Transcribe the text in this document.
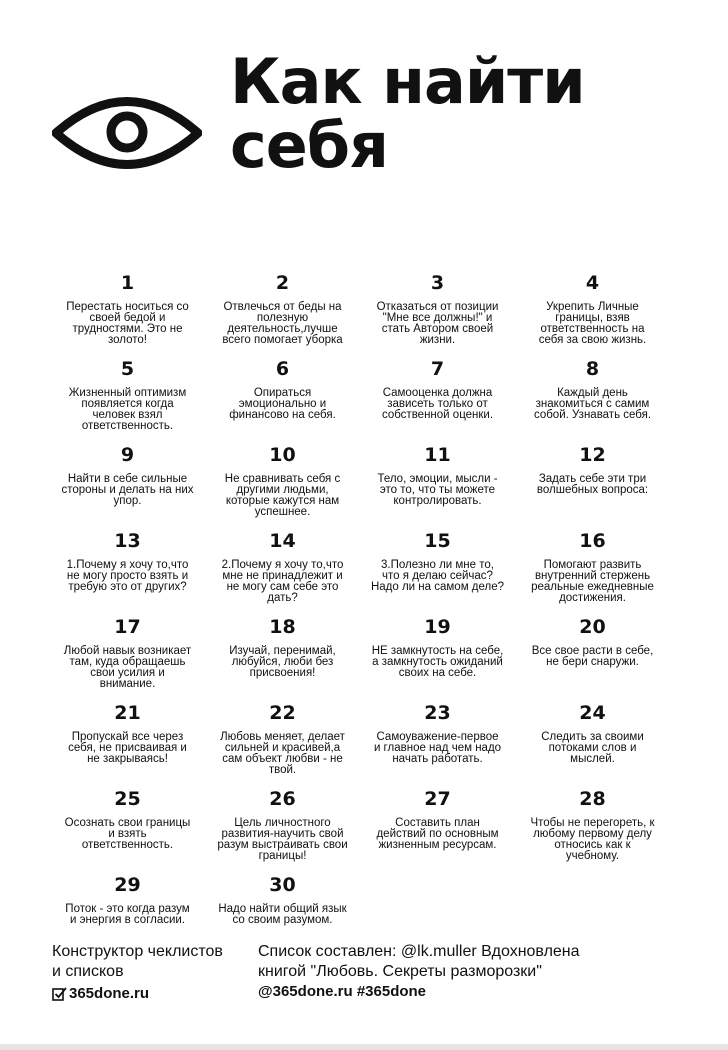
Как найти
себя
1
Перестать носиться со
своей бедой и
трудностями. Это не
золото!
2
Отвлечься от беды на
полезную
деятельность,лучше
всего помогает уборка
3
Отказаться от позиции
"Мне все должны!" и
стать Автором своей
жизни.
4
Укрепить Личные
границы, взяв
ответственность на
себя за свою жизнь.
5
Жизненный оптимизм
появляется когда
человек взял
ответственность.
6
Опираться
эмоционально и
финансово на себя.
7
Самооценка должна
зависеть только от
собственной оценки.
8
Каждый день
знакомиться с самим
собой. Узнавать себя.
9
Найти в себе сильные
стороны и делать на них
упор.
10
Не сравнивать себя с
другими людьми,
которые кажутся нам
успешнее.
11
Тело, эмоции, мысли -
это то, что ты можете
контролировать.
12
Задать себе эти три
волшебных вопроса:
13
1.Почему я хочу то,что
не могу просто взять и
требую это от других?
14
2.Почему я хочу то,что
мне не принадлежит и
не могу сам себе это
дать?
15
3.Полезно ли мне то,
что я делаю сейчас?
Надо ли на самом деле?
16
Помогают развить
внутренний стержень
реальные ежедневные
достижения.
17
Любой навык возникает
там, куда обращаешь
свои усилия и
внимание.
18
Изучай, перенимай,
любуйся, люби без
присвоения!
19
НЕ замкнутость на себе,
а замкнутость ожиданий
своих на себе.
20
Все свое расти в себе,
не бери снаружи.
21
Пропускай все через
себя, не присваивая и
не закрываясь!
22
Любовь меняет, делает
сильней и красивей,а
сам объект любви - не
твой.
23
Самоуважение-первое
и главное над чем надо
начать работать.
24
Следить за своими
потоками слов и
мыслей.
25
Осознать свои границы
и взять
ответственность.
26
Цель личностного
развития-научить свой
разум выстраивать свои
границы!
27
Составить план
действий по основным
жизненным ресурсам.
28
Чтобы не перегореть, к
любому первому делу
относись как к
учебному.
29
Поток - это когда разум
и энергия в согласии.
30
Надо найти общий язык
со своим разумом.
Конструктор чеклистов
и списков
365done.ru
Список составлен: @lk.muller Вдохновлена
книгой "Любовь. Секреты разморозки"
@365done.ru #365done
